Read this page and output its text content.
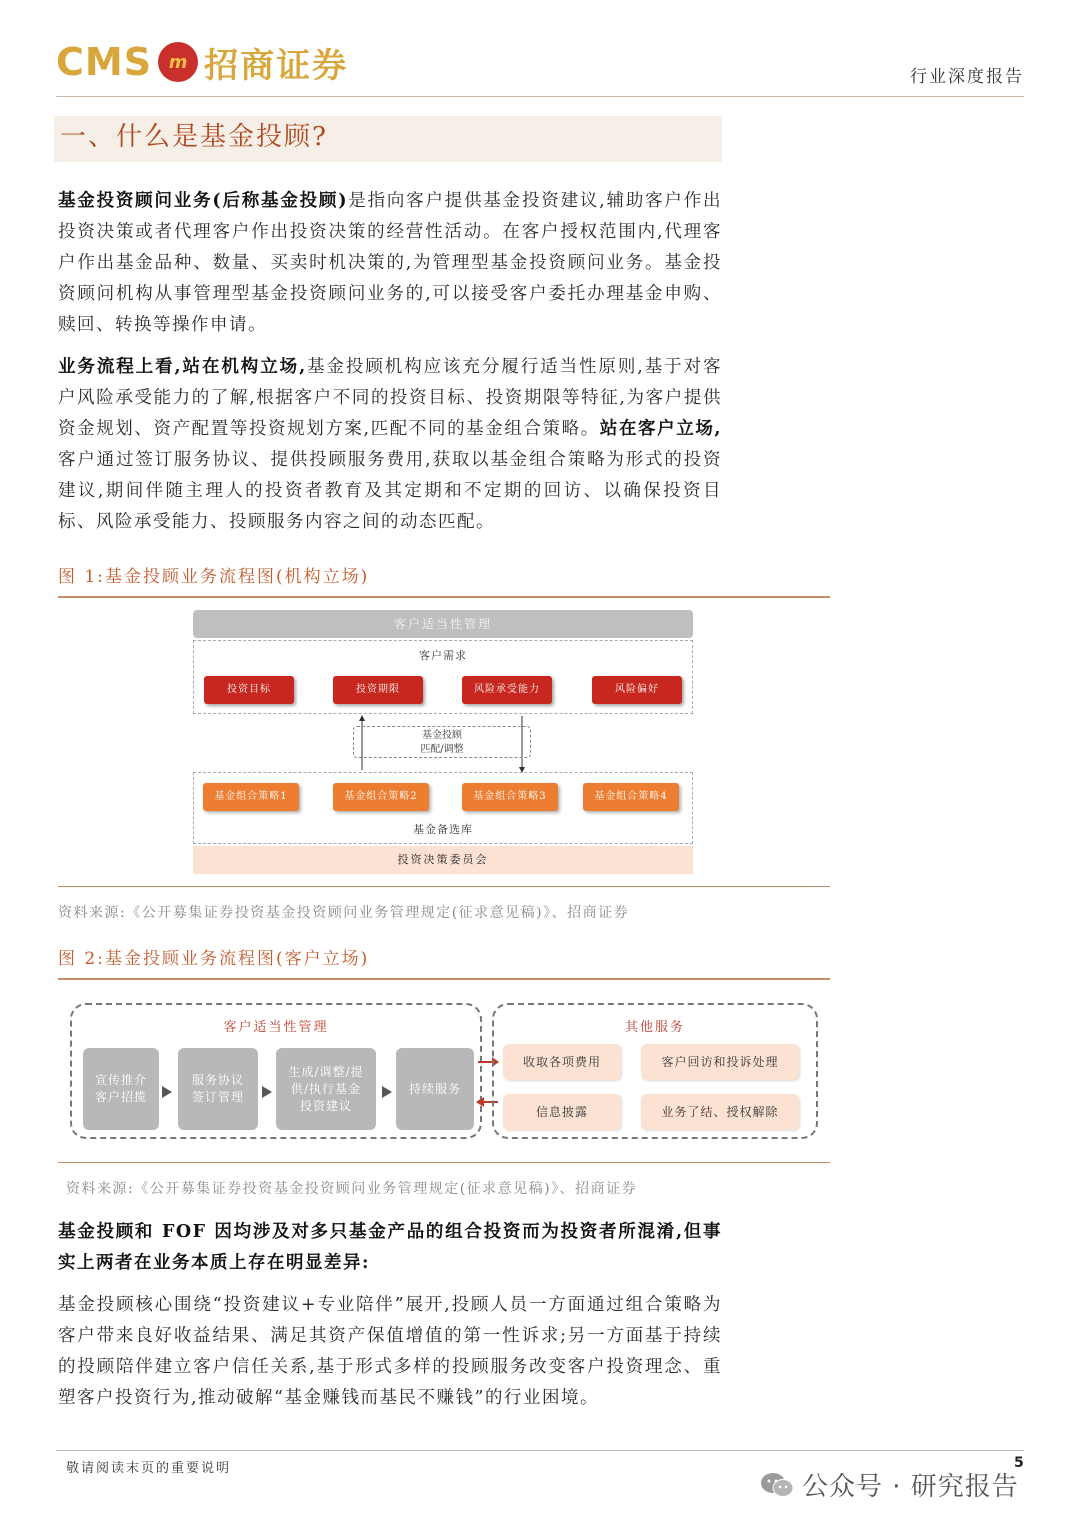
CMS m 招商证券	行业深度报告
一、什么是基金投顾?
基金投资顾问业务(后称基金投顾)是指向客户提供基金投资建议,辅助客户作出投资决策或者代理客户作出投资决策的经营性活动。在客户授权范围内,代理客户作出基金品种、数量、买卖时机决策的,为管理型基金投资顾问业务。基金投资顾问机构从事管理型基金投资顾问业务的,可以接受客户委托办理基金申购、赎回、转换等操作申请。
业务流程上看,站在机构立场,基金投顾机构应该充分履行适当性原则,基于对客户风险承受能力的了解,根据客户不同的投资目标、投资期限等特征,为客户提供资金规划、资产配置等投资规划方案,匹配不同的基金组合策略。站在客户立场,客户通过签订服务协议、提供投顾服务费用,获取以基金组合策略为形式的投资建议,期间伴随主理人的投资者教育及其定期和不定期的回访、以确保投资目标、风险承受能力、投顾服务内容之间的动态匹配。
图 1:基金投顾业务流程图(机构立场)
客户适当性管理
客户需求
投资目标	投资期限	风险承受能力	风险偏好
基金投顾
匹配/调整
基金组合策略1	基金组合策略2	基金组合策略3	基金组合策略4
基金备选库
投资决策委员会
资料来源:《公开募集证券投资基金投资顾问业务管理规定(征求意见稿)》、招商证券
图 2:基金投顾业务流程图(客户立场)
客户适当性管理
宣传推介
客户招揽
服务协议
签订管理
生成/调整/提
供/执行基金
投资建议
持续服务
其他服务
收取各项费用	客户回访和投诉处理
信息披露	业务了结、授权解除
资料来源:《公开募集证券投资基金投资顾问业务管理规定(征求意见稿)》、招商证券
基金投顾和 FOF 因均涉及对多只基金产品的组合投资而为投资者所混淆,但事实上两者在业务本质上存在明显差异:
基金投顾核心围绕“投资建议+专业陪伴”展开,投顾人员一方面通过组合策略为客户带来良好收益结果、满足其资产保值增值的第一性诉求;另一方面基于持续的投顾陪伴建立客户信任关系,基于形式多样的投顾服务改变客户投资理念、重塑客户投资行为,推动破解“基金赚钱而基民不赚钱”的行业困境。
敬请阅读末页的重要说明	5
公众号 · 研究报告
